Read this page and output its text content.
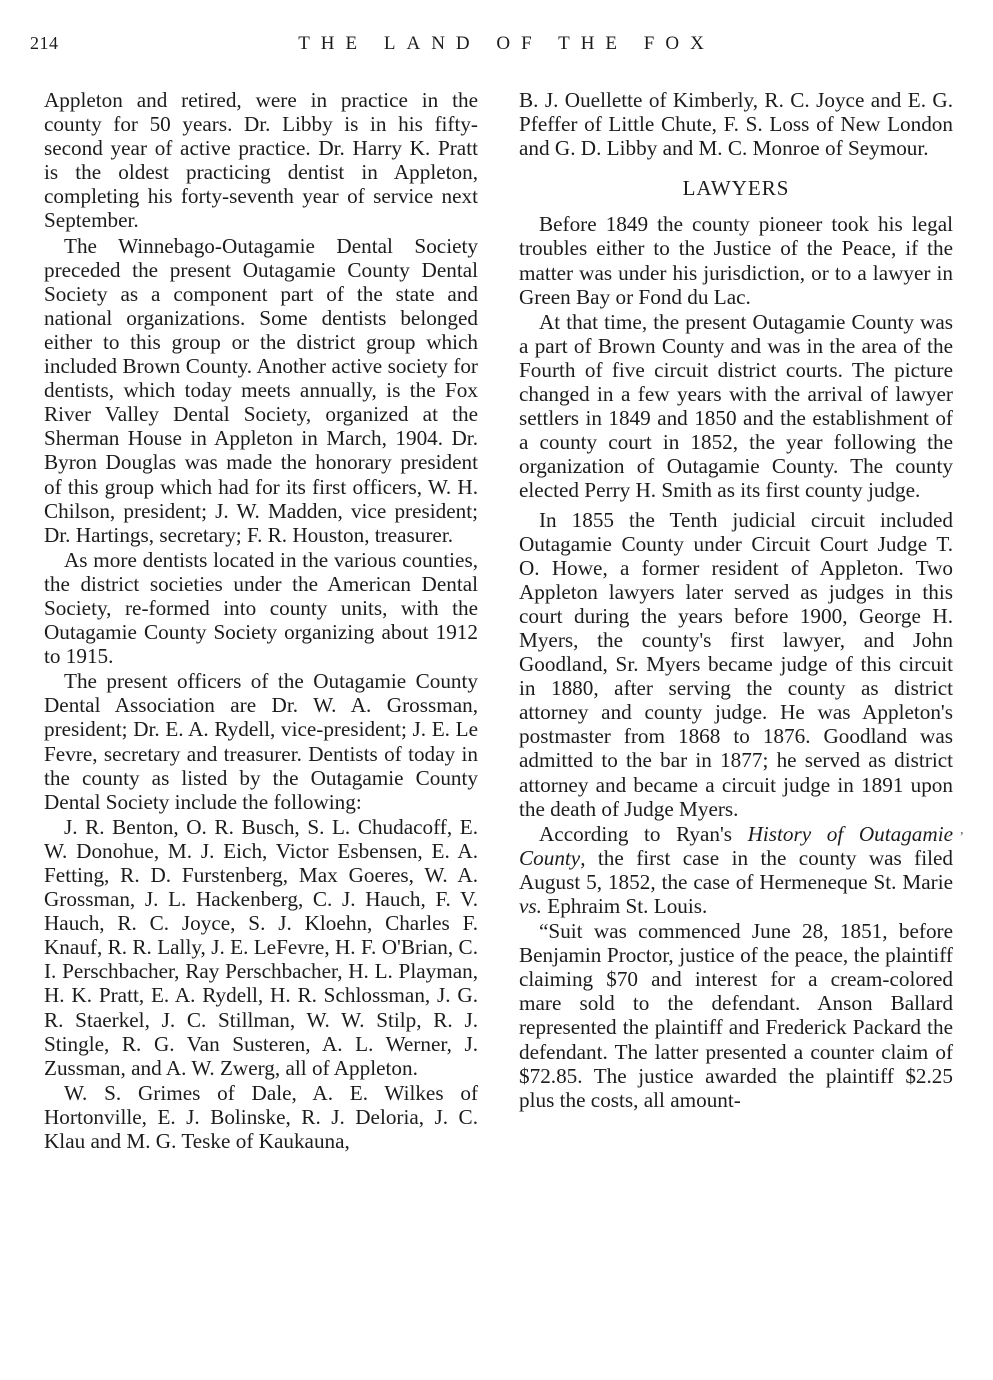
214	THE LAND OF THE FOX

Appleton and retired, were in practice in the county for 50 years. Dr. Libby is in his fifty-second year of active practice. Dr. Harry K. Pratt is the oldest practicing dentist in Appleton, completing his forty-seventh year of service next September.

The Winnebago-Outagamie Dental Society preceded the present Outagamie County Dental Society as a component part of the state and national organizations. Some dentists belonged either to this group or the district group which included Brown County. Another active society for dentists, which today meets annually, is the Fox River Valley Dental Society, organized at the Sherman House in Appleton in March, 1904. Dr. Byron Douglas was made the honorary president of this group which had for its first officers, W. H. Chilson, president; J. W. Madden, vice president; Dr. Hartings, secretary; F. R. Houston, treasurer.

As more dentists located in the various counties, the district societies under the American Dental Society, re-formed into county units, with the Outagamie County Society organizing about 1912 to 1915.

The present officers of the Outagamie County Dental Association are Dr. W. A. Grossman, president; Dr. E. A. Rydell, vice-president; J. E. Le Fevre, secretary and treasurer. Dentists of today in the county as listed by the Outagamie County Dental Society include the following:

J. R. Benton, O. R. Busch, S. L. Chudacoff, E. W. Donohue, M. J. Eich, Victor Esbensen, E. A. Fetting, R. D. Furstenberg, Max Goeres, W. A. Grossman, J. L. Hackenberg, C. J. Hauch, F. V. Hauch, R. C. Joyce, S. J. Kloehn, Charles F. Knauf, R. R. Lally, J. E. LeFevre, H. F. O'Brian, C. I. Perschbacher, Ray Perschbacher, H. L. Playman, H. K. Pratt, E. A. Rydell, H. R. Schlossman, J. G. R. Staerkel, J. C. Stillman, W. W. Stilp, R. J. Stingle, R. G. Van Susteren, A. L. Werner, J. Zussman, and A. W. Zwerg, all of Appleton.

W. S. Grimes of Dale, A. E. Wilkes of Hortonville, E. J. Bolinske, R. J. Deloria, J. C. Klau and M. G. Teske of Kaukauna,

B. J. Ouellette of Kimberly, R. C. Joyce and E. G. Pfeffer of Little Chute, F. S. Loss of New London and G. D. Libby and M. C. Monroe of Seymour.

LAWYERS

Before 1849 the county pioneer took his legal troubles either to the Justice of the Peace, if the matter was under his jurisdiction, or to a lawyer in Green Bay or Fond du Lac.

At that time, the present Outagamie County was a part of Brown County and was in the area of the Fourth of five circuit district courts. The picture changed in a few years with the arrival of lawyer settlers in 1849 and 1850 and the establishment of a county court in 1852, the year following the organization of Outagamie County. The county elected Perry H. Smith as its first county judge.

In 1855 the Tenth judicial circuit included Outagamie County under Circuit Court Judge T. O. Howe, a former resident of Appleton. Two Appleton lawyers later served as judges in this court during the years before 1900, George H. Myers, the county's first lawyer, and John Goodland, Sr. Myers became judge of this circuit in 1880, after serving the county as district attorney and county judge. He was Appleton's postmaster from 1868 to 1876. Goodland was admitted to the bar in 1877; he served as district attorney and became a circuit judge in 1891 upon the death of Judge Myers.

According to Ryan's History of Outagamie County, the first case in the county was filed August 5, 1852, the case of Hermeneque St. Marie vs. Ephraim St. Louis.

“Suit was commenced June 28, 1851, before Benjamin Proctor, justice of the peace, the plaintiff claiming $70 and interest for a cream-colored mare sold to the defendant. Anson Ballard represented the plaintiff and Frederick Packard the defendant. The latter presented a counter claim of $72.85. The justice awarded the plaintiff $2.25 plus the costs, all amount-

’
